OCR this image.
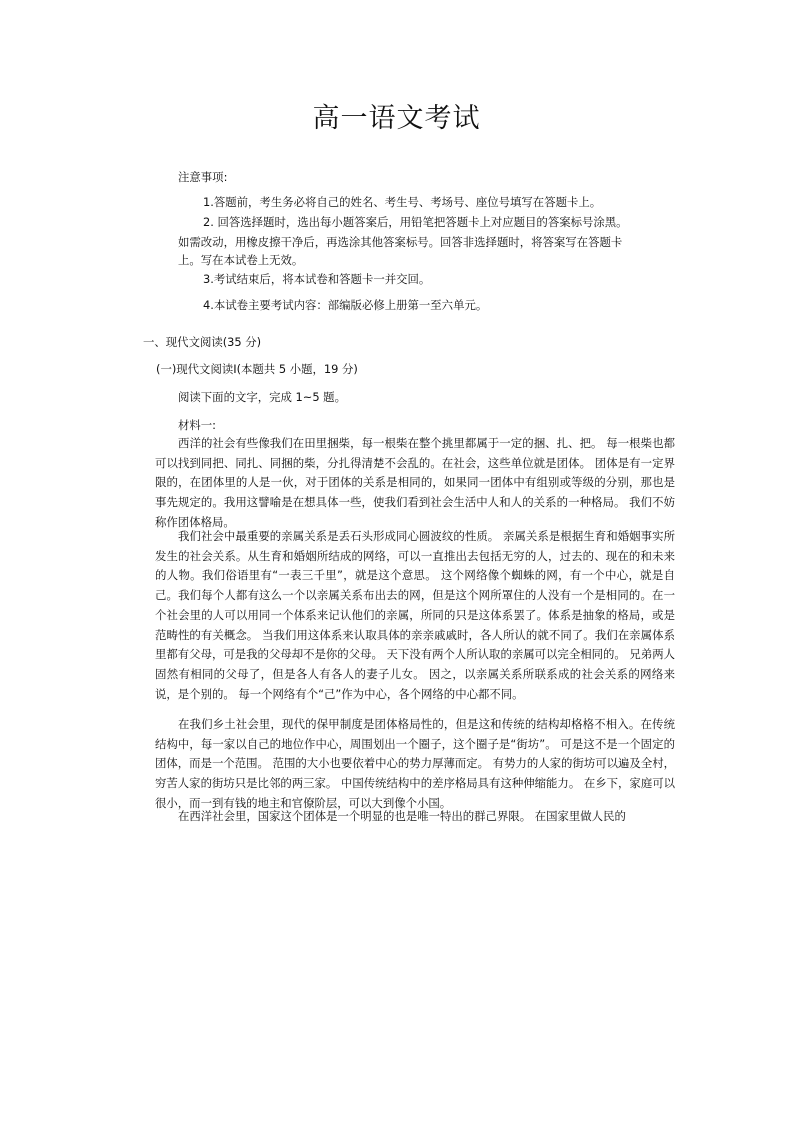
高一语文考试
注意事项:
1.答题前，考生务必将自己的姓名、考生号、考场号、座位号填写在答题卡上。
2. 回答选择题时，选出每小题答案后，用铅笔把答题卡上对应题目的答案标号涂黑。
如需改动，用橡皮擦干净后，再选涂其他答案标号。回答非选择题时，将答案写在答题卡
上。写在本试卷上无效。
3.考试结束后，将本试卷和答题卡一并交回。
4.本试卷主要考试内容：部编版必修上册第一至六单元。
一、现代文阅读(35 分)
(一)现代文阅读Ⅰ(本题共 5 小题，19 分)
阅读下面的文字，完成 1~5 题。
材料一:

西洋的社会有些像我们在田里捆柴，每一根柴在整个挑里都属于一定的捆、扎、把。 每一根柴也都可以找到同把、同扎、同捆的柴，分扎得清楚不会乱的。在社会，这些单位就是团体。 团体是有一定界限的，在团体里的人是一伙，对于团体的关系是相同的，如果同一团体中有组别或等级的分别，那也是事先规定的。我用这譬喻是在想具体一些，使我们看到社会生活中人和人的关系的一种格局。 我们不妨称作团体格局。

我们社会中最重要的亲属关系是丢石头形成同心圆波纹的性质。 亲属关系是根据生育和婚姻事实所发生的社会关系。从生育和婚姻所结成的网络，可以一直推出去包括无穷的人，过去的、现在的和未来的人物。我们俗语里有“一表三千里”，就是这个意思。 这个网络像个蜘蛛的网，有一个中心，就是自己。我们每个人都有这么一个以亲属关系布出去的网，但是这个网所罩住的人没有一个是相同的。在一个社会里的人可以用同一个体系来记认他们的亲属，所同的只是这体系罢了。体系是抽象的格局，或是范畴性的有关概念。 当我们用这体系来认取具体的亲亲戚戚时，各人所认的就不同了。我们在亲属体系里都有父母，可是我的父母却不是你的父母。 天下没有两个人所认取的亲属可以完全相同的。 兄弟两人固然有相同的父母了，但是各人有各人的妻子儿女。 因之，以亲属关系所联系成的社会关系的网络来说，是个别的。 每一个网络有个“己”作为中心，各个网络的中心都不同。

在我们乡土社会里，现代的保甲制度是团体格局性的，但是这和传统的结构却格格不相入。在传统结构中，每一家以自己的地位作中心，周围划出一个圈子，这个圈子是“街坊”。 可是这不是一个固定的团体，而是一个范围。 范围的大小也要依着中心的势力厚薄而定。 有势力的人家的街坊可以遍及全村，穷苦人家的街坊只是比邻的两三家。 中国传统结构中的差序格局具有这种伸缩能力。 在乡下，家庭可以很小，而一到有钱的地主和官僚阶层，可以大到像个小国。

在西洋社会里，国家这个团体是一个明显的也是唯一特出的群己界限。 在国家里做人民的
